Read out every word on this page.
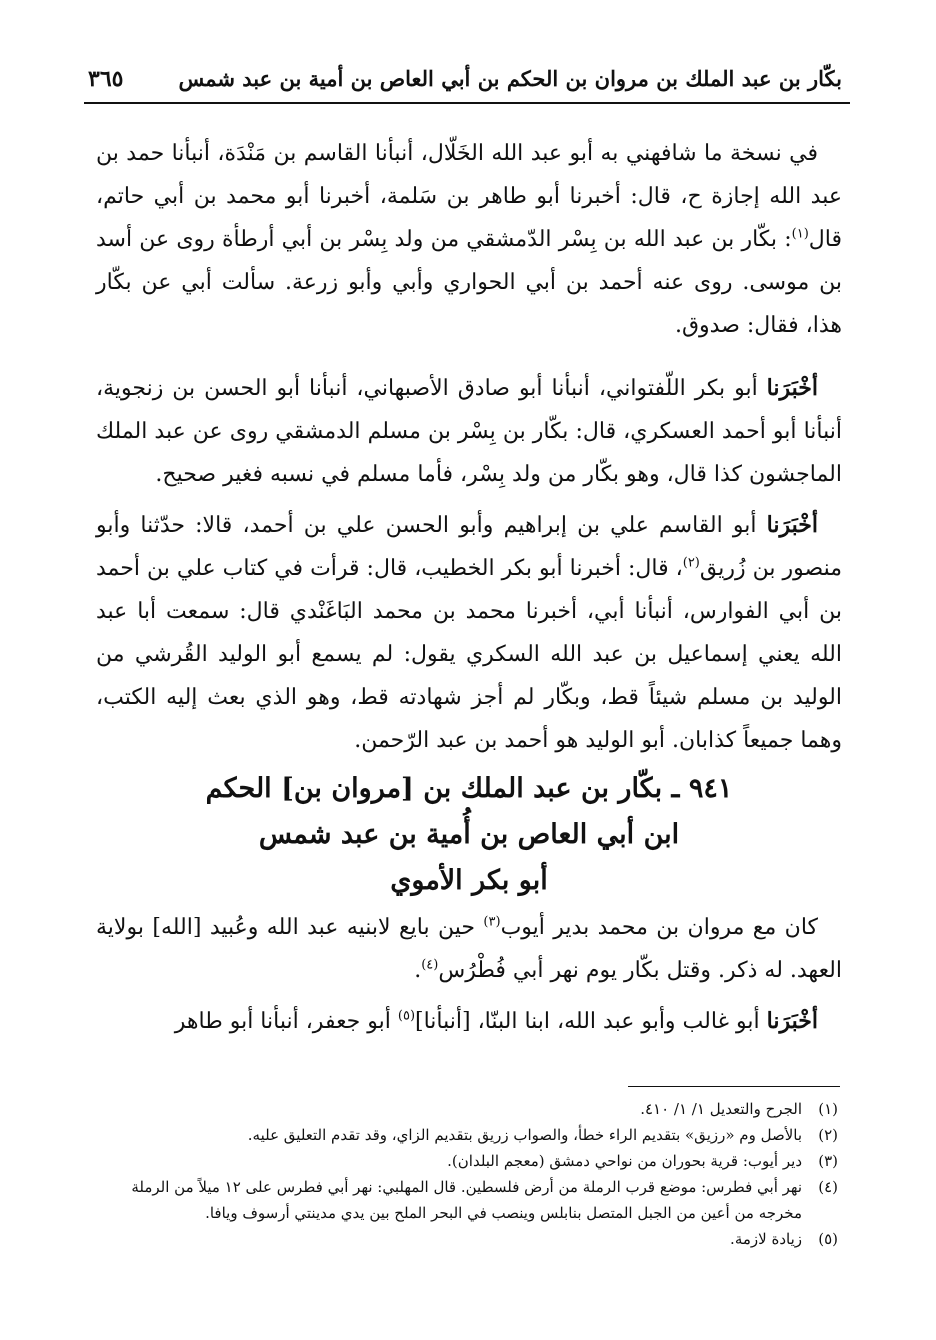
بكّار بن عبد الملك بن مروان بن الحكم بن أبي العاص بن أمية بن عبد شمس
٣٦٥

في نسخة ما شافهني به أبو عبد الله الخَلّال، أنبأنا القاسم بن مَنْدَة، أنبأنا حمد بن عبد الله إجازة ح، قال: أخبرنا أبو طاهر بن سَلمة، أخبرنا أبو محمد بن أبي حاتم، قال$^{(١)}$: بكّار بن عبد الله بن بِسْر الدّمشقي من ولد بِسْر بن أبي أرطأة روى عن أسد بن موسى. روى عنه أحمد بن أبي الحواري وأبي وأبو زرعة. سألت أبي عن بكّار هذا، فقال: صدوق.

أخْبَرَنا أبو بكر اللّفتواني، أنبأنا أبو صادق الأصبهاني، أنبأنا أبو الحسن بن زنجوية، أنبأنا أبو أحمد العسكري، قال: بكّار بن بِسْر بن مسلم الدمشقي روى عن عبد الملك الماجشون كذا قال، وهو بكّار من ولد بِسْر، فأما مسلم في نسبه فغير صحيح.

أخْبَرَنا أبو القاسم علي بن إبراهيم وأبو الحسن علي بن أحمد، قالا: حدّثنا وأبو منصور بن زُريق$^{(٢)}$، قال: أخبرنا أبو بكر الخطيب، قال: قرأت في كتاب علي بن أحمد بن أبي الفوارس، أنبأنا أبي، أخبرنا محمد بن محمد البَاغَنْدي قال: سمعت أبا عبد الله يعني إسماعيل بن عبد الله السكري يقول: لم يسمع أبو الوليد القُرشي من الوليد بن مسلم شيئاً قط، وبكّار لم أجز شهادته قط، وهو الذي بعث إليه الكتب، وهما جميعاً كذابان. أبو الوليد هو أحمد بن عبد الرّحمن.

٩٤١ ـ بكّار بن عبد الملك بن [مروان بن] الحكم
ابن أبي العاص بن أُمية بن عبد شمس
أبو بكر الأموي

كان مع مروان بن محمد بدير أيوب$^{(٣)}$ حين بايع لابنيه عبد الله وعُبيد [الله] بولاية العهد. له ذكر. وقتل بكّار يوم نهر أبي فُطْرُس$^{(٤)}$.

أخْبَرَنا أبو غالب وأبو عبد الله، ابنا البنّا، [أنبأنا]$^{(٥)}$ أبو جعفر، أنبأنا أبو طاهر

(١)
الجرح والتعديل ١/ ١/ ٤١٠.
(٢)
بالأصل وم «رزيق» بتقديم الراء خطأ، والصواب زريق بتقديم الزاي، وقد تقدم التعليق عليه.
(٣)
دير أيوب: قرية بحوران من نواحي دمشق (معجم البلدان).
(٤)
نهر أبي فطرس: موضع قرب الرملة من أرض فلسطين. قال المهلبي: نهر أبي فطرس على ١٢ ميلاً من الرملة مخرجه من أعين من الجبل المتصل بنابلس وينصب في البحر الملح بين يدي مدينتي أرسوف ويافا.
(٥)
زيادة لازمة.
